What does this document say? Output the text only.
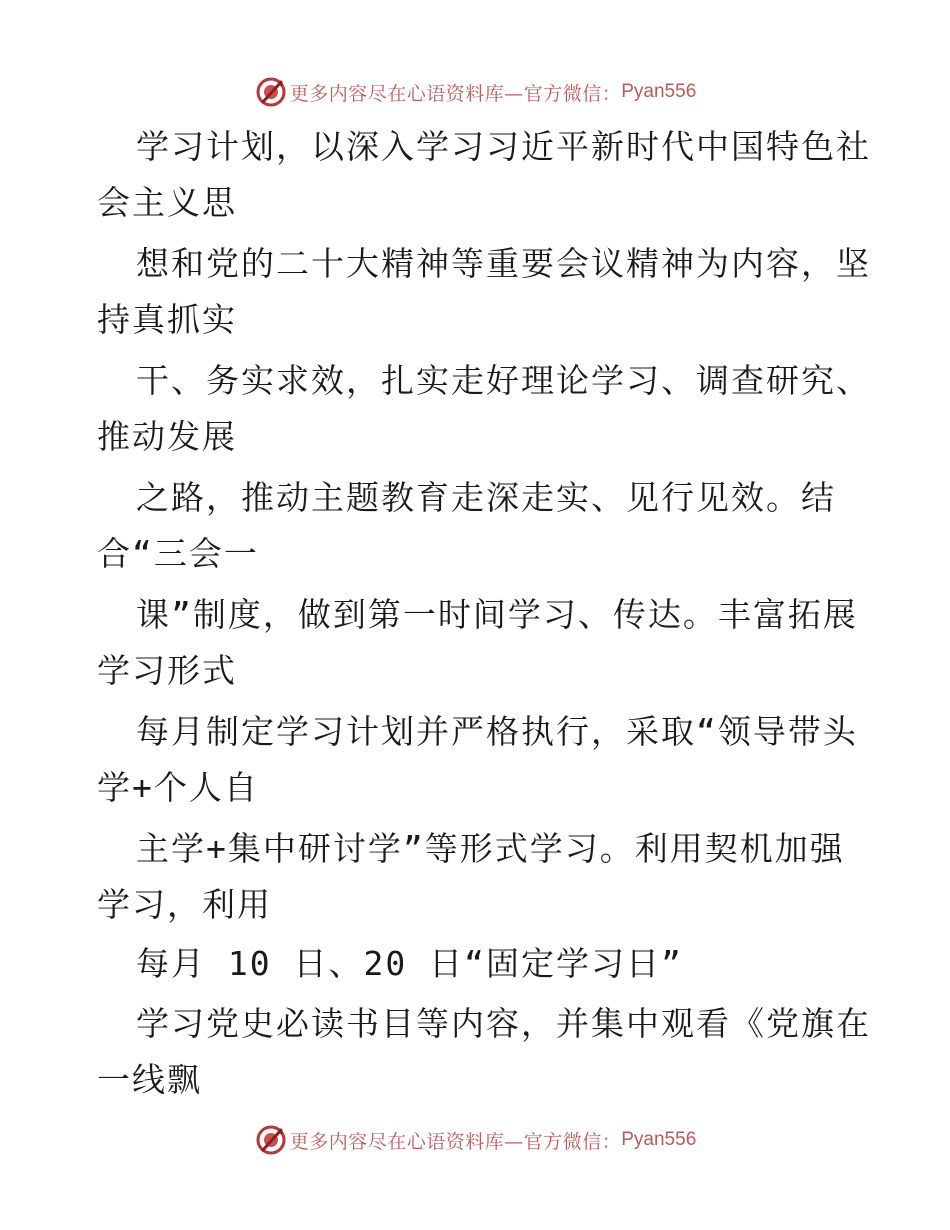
更多内容尽在心语资料库—官方微信： Pyan556
学习计划，以深入学习习近平新时代中国特色社
会主义思
想和党的二十大精神等重要会议精神为内容，坚
持真抓实
干、务实求效，扎实走好理论学习、调查研究、
推动发展
之路，推动主题教育走深走实、见行见效。结
合“三会一
课”制度，做到第一时间学习、传达。丰富拓展
学习形式
每月制定学习计划并严格执行，采取“领导带头
学+个人自
主学+集中研讨学”等形式学习。利用契机加强
学习，利用
每月 10 日、20 日“固定学习日”
学习党史必读书目等内容，并集中观看《党旗在
一线飘
更多内容尽在心语资料库—官方微信： Pyan556
